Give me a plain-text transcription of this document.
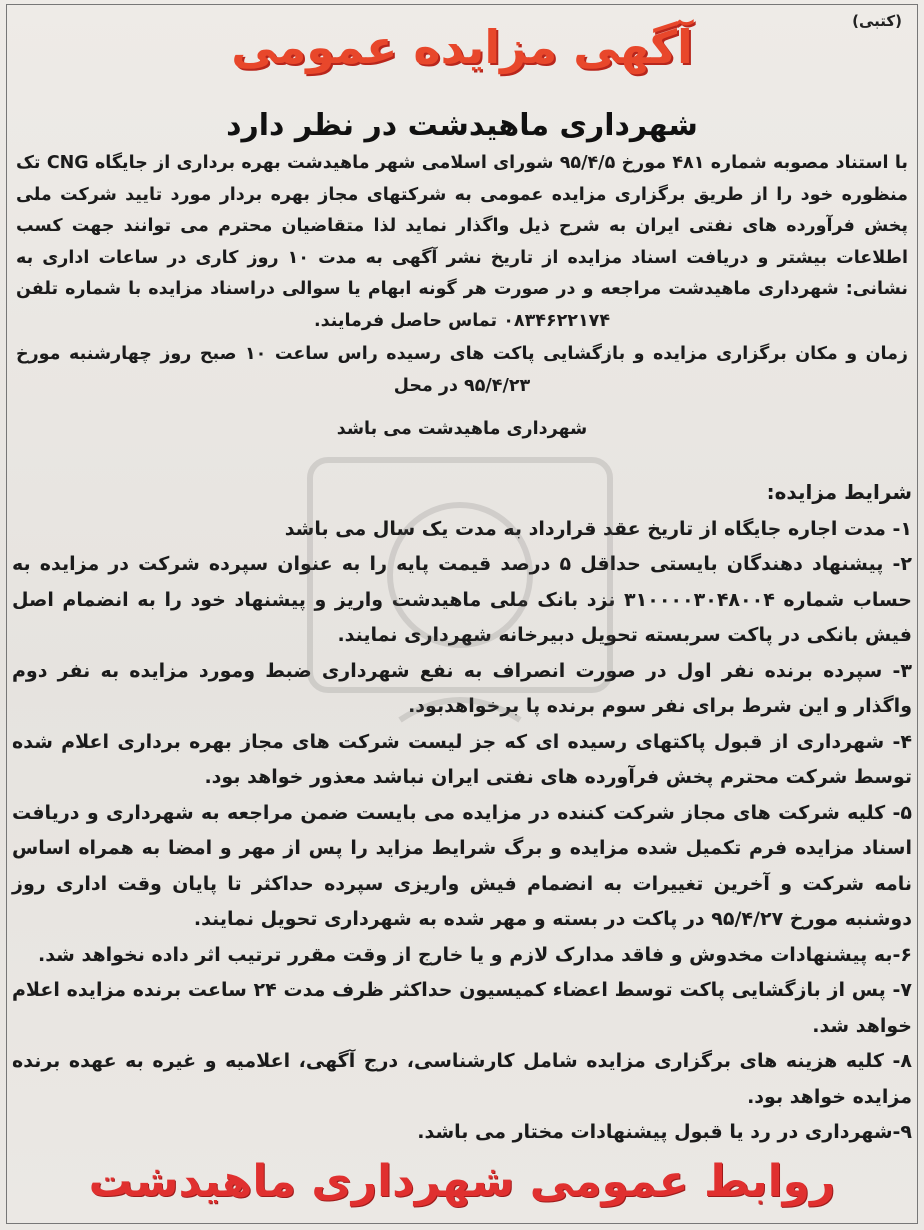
(کتبی)
آگهی مزایده عمومی
شهرداری ماهیدشت در نظر دارد

با استناد مصوبه شماره ۴۸۱ مورخ ۹۵/۴/۵ شورای اسلامی شهر ماهیدشت بهره برداری از جایگاه CNG تک منظوره خود را از طریق برگزاری مزایده عمومی به شرکتهای مجاز بهره بردار مورد تایید شرکت ملی پخش فرآورده های نفتی ایران به شرح ذیل واگذار نماید لذا متقاضیان محترم می توانند جهت کسب اطلاعات بیشتر و دریافت اسناد مزایده از تاریخ نشر آگهی به مدت ۱۰ روز کاری در ساعات اداری به نشانی: شهرداری ماهیدشت مراجعه و در صورت هر گونه ابهام یا سوالی دراسناد مزایده با شماره تلفن ۰۸۳۴۶۲۲۱۷۴ تماس حاصل فرمایند.

زمان و مکان برگزاری مزایده و بازگشایی پاکت های رسیده راس ساعت ۱۰ صبح روز چهارشنبه مورخ ۹۵/۴/۲۳ در محل

شهرداری ماهیدشت می باشد

شرایط مزایده:
۱- مدت اجاره جایگاه از تاریخ عقد قرارداد به مدت یک سال می باشد
۲- پیشنهاد دهندگان بایستی حداقل ۵ درصد قیمت پایه را به عنوان سپرده شرکت در مزایده به حساب شماره ۳۱۰۰۰۰۳۰۴۸۰۰۴ نزد بانک ملی ماهیدشت واریز و پیشنهاد خود را به انضمام اصل فیش بانکی در پاکت سربسته تحویل دبیرخانه شهرداری نمایند.
۳- سپرده برنده نفر اول در صورت انصراف به نفع شهرداری ضبط ومورد مزایده به نفر دوم واگذار و این شرط برای نفر سوم برنده پا برخواهدبود.
۴- شهرداری از قبول پاکتهای رسیده ای که جز لیست شرکت های مجاز بهره برداری اعلام شده توسط شرکت محترم پخش فرآورده های نفتی ایران نباشد معذور خواهد بود.
۵- کلیه شرکت های مجاز شرکت کننده در مزایده می بایست ضمن مراجعه به شهرداری و دریافت اسناد مزایده فرم تکمیل شده مزایده و برگ شرایط مزاید را پس از مهر و امضا به همراه اساس نامه شرکت و آخرین تغییرات به انضمام فیش واریزی سپرده حداکثر تا پایان وقت اداری روز دوشنبه مورخ ۹۵/۴/۲۷ در پاکت در بسته و مهر شده به شهرداری تحویل نمایند.
۶-به پیشنهادات مخدوش و فاقد مدارک لازم و یا خارج از وقت مقرر ترتیب اثر داده نخواهد شد.
۷- پس از بازگشایی پاکت توسط اعضاء کمیسیون حداکثر ظرف مدت ۲۴ ساعت برنده مزایده اعلام خواهد شد.
۸- کلیه هزینه های برگزاری مزایده شامل کارشناسی، درج آگهی، اعلامیه و غیره به عهده برنده مزایده خواهد بود.
۹-شهرداری در رد یا قبول پیشنهادات مختار می باشد.
روابط عمومی شهرداری ماهیدشت
